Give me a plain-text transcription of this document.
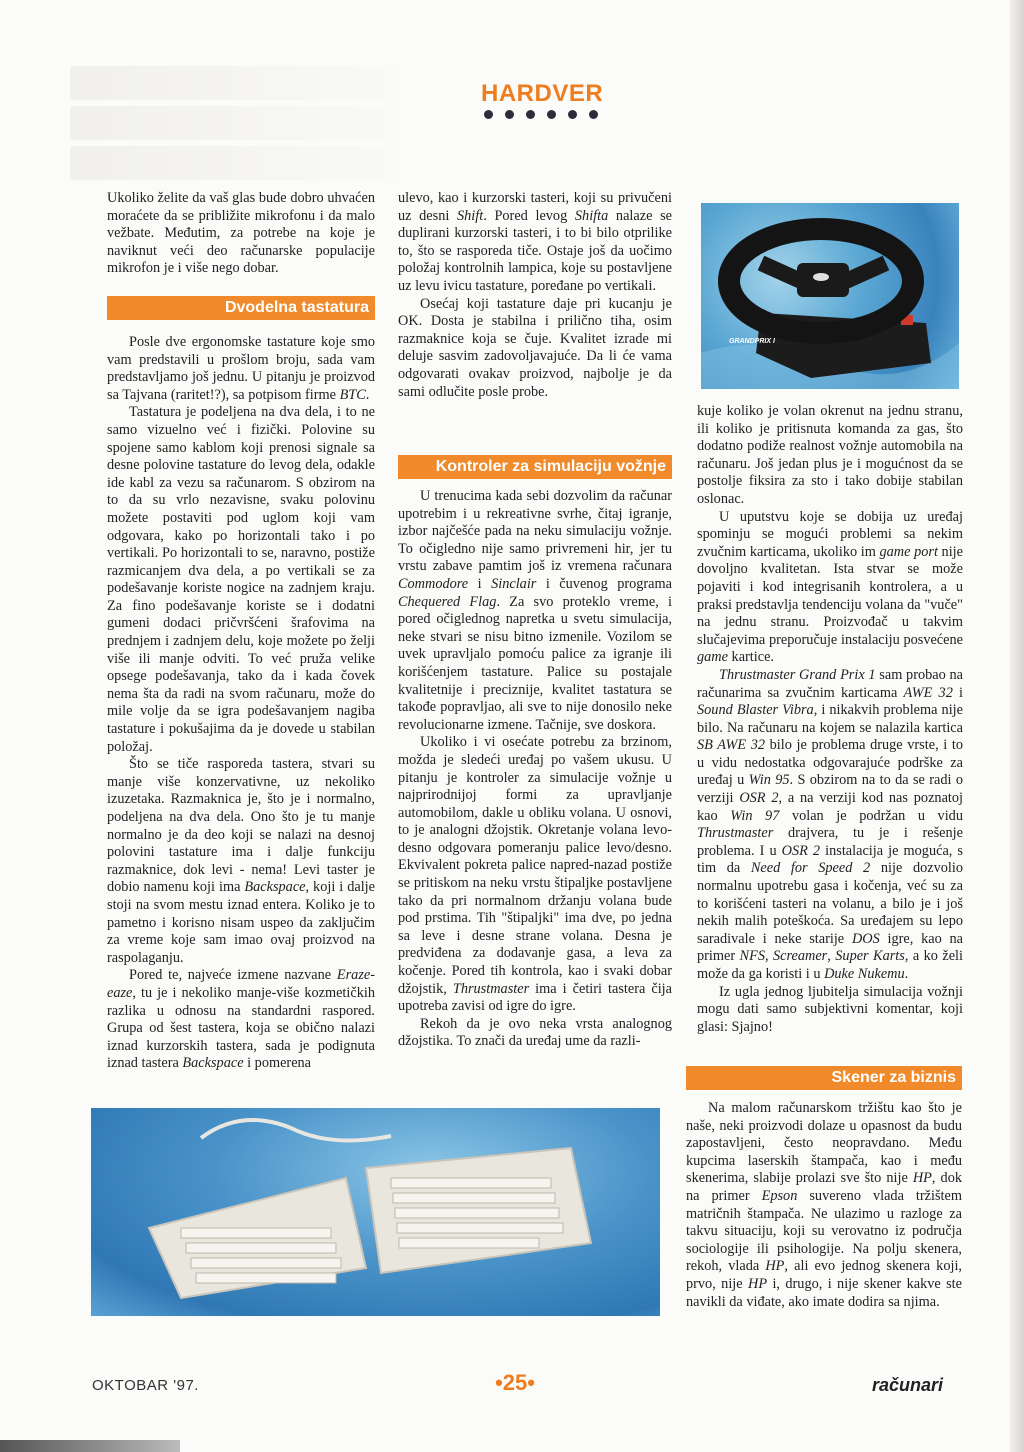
HARDVER

Ukoliko želite da vaš glas bude dobro uhvaćen moraćete da se približite mikrofonu i da malo vežbate. Međutim, za potrebe na koje je naviknut veći deo računarske populacije mikrofon je i više nego dobar.

Dvodelna tastatura

Posle dve ergonomske tastature koje smo vam predstavili u prošlom broju, sada vam predstavljamo još jednu. U pitanju je proizvod sa Tajvana (raritet!?), sa potpisom firme BTC.

Tastatura je podeljena na dva dela, i to ne samo vizuelno već i fizički. Polovine su spojene samo kablom koji prenosi signale sa desne polovine tastature do levog dela, odakle ide kabl za vezu sa računarom. S obzirom na to da su vrlo nezavisne, svaku polovinu možete postaviti pod uglom koji vam odgovara, kako po horizontali tako i po vertikali. Po horizontali to se, naravno, postiže razmicanjem dva dela, a po vertikali se za podešavanje koriste nogice na zadnjem kraju. Za fino podešavanje koriste se i dodatni gumeni dodaci pričvršćeni šrafovima na prednjem i zadnjem delu, koje možete po želji više ili manje odviti. To već pruža velike opsege podešavanja, tako da i kada čovek nema šta da radi na svom računaru, može do mile volje da se igra podešavanjem nagiba tastature i pokušajima da je dovede u stabilan položaj.

Što se tiče rasporeda tastera, stvari su manje više konzervativne, uz nekoliko izuzetaka. Razmaknica je, što je i normalno, podeljena na dva dela. Ono što je tu manje normalno je da deo koji se nalazi na desnoj polovini tastature ima i dalje funkciju razmaknice, dok levi - nema! Levi taster je dobio namenu koji ima Backspace, koji i dalje stoji na svom mestu iznad entera. Koliko je to pametno i korisno nisam uspeo da zaključim za vreme koje sam imao ovaj proizvod na raspolaganju.

Pored te, najveće izmene nazvane Eraze-eaze, tu je i nekoliko manje-više kozmetičkih razlika u odnosu na standardni raspored. Grupa od šest tastera, koja se obično nalazi iznad kurzorskih tastera, sada je podignuta iznad tastera Backspace i pomerena

ulevo, kao i kurzorski tasteri, koji su privučeni uz desni Shift. Pored levog Shifta nalaze se duplirani kurzorski tasteri, i to bi bilo otprilike to, što se rasporeda tiče. Ostaje još da uočimo položaj kontrolnih lampica, koje su postavljene uz levu ivicu tastature, poređane po vertikali.

Osećaj koji tastature daje pri kucanju je OK. Dosta je stabilna i prilično tiha, osim razmaknice koja se čuje. Kvalitet izrade mi deluje sasvim zadovoljavajuće. Da li će vama odgovarati ovakav proizvod, najbolje je da sami odlučite posle probe.

Kontroler za simulaciju vožnje

U trenucima kada sebi dozvolim da računar upotrebim i u rekreativne svrhe, čitaj igranje, izbor najčešće pada na neku simulaciju vožnje. To očigledno nije samo privremeni hir, jer tu vrstu zabave pamtim još iz vremena računara Commodore i Sinclair i čuvenog programa Chequered Flag. Za svo proteklo vreme, i pored očiglednog napretka u svetu simulacija, neke stvari se nisu bitno izmenile. Vozilom se uvek upravljalo pomoću palice za igranje ili korišćenjem tastature. Palice su postajale kvalitetnije i preciznije, kvalitet tastatura se takođe popravljao, ali sve to nije donosilo neke revolucionarne izmene. Tačnije, sve doskora.

Ukoliko i vi osećate potrebu za brzinom, možda je sledeći uređaj po vašem ukusu. U pitanju je kontroler za simulacije vožnje u najprirodnijoj formi za upravljanje automobilom, dakle u obliku volana. U osnovi, to je analogni džojstik. Okretanje volana levo-desno odgovara pomeranju palice levo/desno. Ekvivalent pokreta palice napred-nazad postiže se pritiskom na neku vrstu štipaljke postavljene tako da pri normalnom držanju volana bude pod prstima. Tih "štipaljki" ima dve, po jedna sa leve i desne strane volana. Desna je predviđena za dodavanje gasa, a leva za kočenje. Pored tih kontrola, kao i svaki dobar džojstik, Thrustmaster ima i četiri tastera čija upotreba zavisi od igre do igre.

Rekoh da je ovo neka vrsta analognog džojstika. To znači da uređaj ume da razli-

GRANDPRIX I

kuje koliko je volan okrenut na jednu stranu, ili koliko je pritisnuta komanda za gas, što dodatno podiže realnost vožnje automobila na računaru. Još jedan plus je i mogućnost da se postolje fiksira za sto i tako dobije stabilan oslonac.

U uputstvu koje se dobija uz uređaj spominju se mogući problemi sa nekim zvučnim karticama, ukoliko im game port nije dovoljno kvalitetan. Ista stvar se može pojaviti i kod integrisanih kontrolera, a u praksi predstavlja tendenciju volana da "vuče" na jednu stranu. Proizvođač u takvim slučajevima preporučuje instalaciju posvećene game kartice.

Thrustmaster Grand Prix 1 sam probao na računarima sa zvučnim karticama AWE 32 i Sound Blaster Vibra, i nikakvih problema nije bilo. Na računaru na kojem se nalazila kartica SB AWE 32 bilo je problema druge vrste, i to u vidu nedostatka odgovarajuće podrške za uređaj u Win 95. S obzirom na to da se radi o verziji OSR 2, a na verziji kod nas poznatoj kao Win 97 volan je podržan u vidu Thrustmaster drajvera, tu je i rešenje problema. I u OSR 2 instalacija je moguća, s tim da Need for Speed 2 nije dozvolio normalnu upotrebu gasa i kočenja, već su za to korišćeni tasteri na volanu, a bilo je i još nekih malih poteškoća. Sa uređajem su lepo saradivale i neke starije DOS igre, kao na primer NFS, Screamer, Super Karts, a ko želi može da ga koristi i u Duke Nukemu.

Iz ugla jednog ljubitelja simulacija vožnji mogu dati samo subjektivni komentar, koji glasi: Sjajno!

Skener za biznis

Na malom računarskom tržištu kao što je naše, neki proizvodi dolaze u opasnost da budu zapostavljeni, često neopravdano. Među kupcima laserskih štampača, kao i među skenerima, slabije prolazi sve što nije HP, dok na primer Epson suvereno vlada tržištem matričnih štampača. Ne ulazimo u razloge za takvu situaciju, koji su verovatno iz područja sociologije ili psihologije. Na polju skenera, rekoh, vlada HP, ali evo jednog skenera koji, prvo, nije HP i, drugo, i nije skener kakve ste navikli da viđate, ako imate dodira sa njima.

OKTOBAR '97.	•25•	računari
